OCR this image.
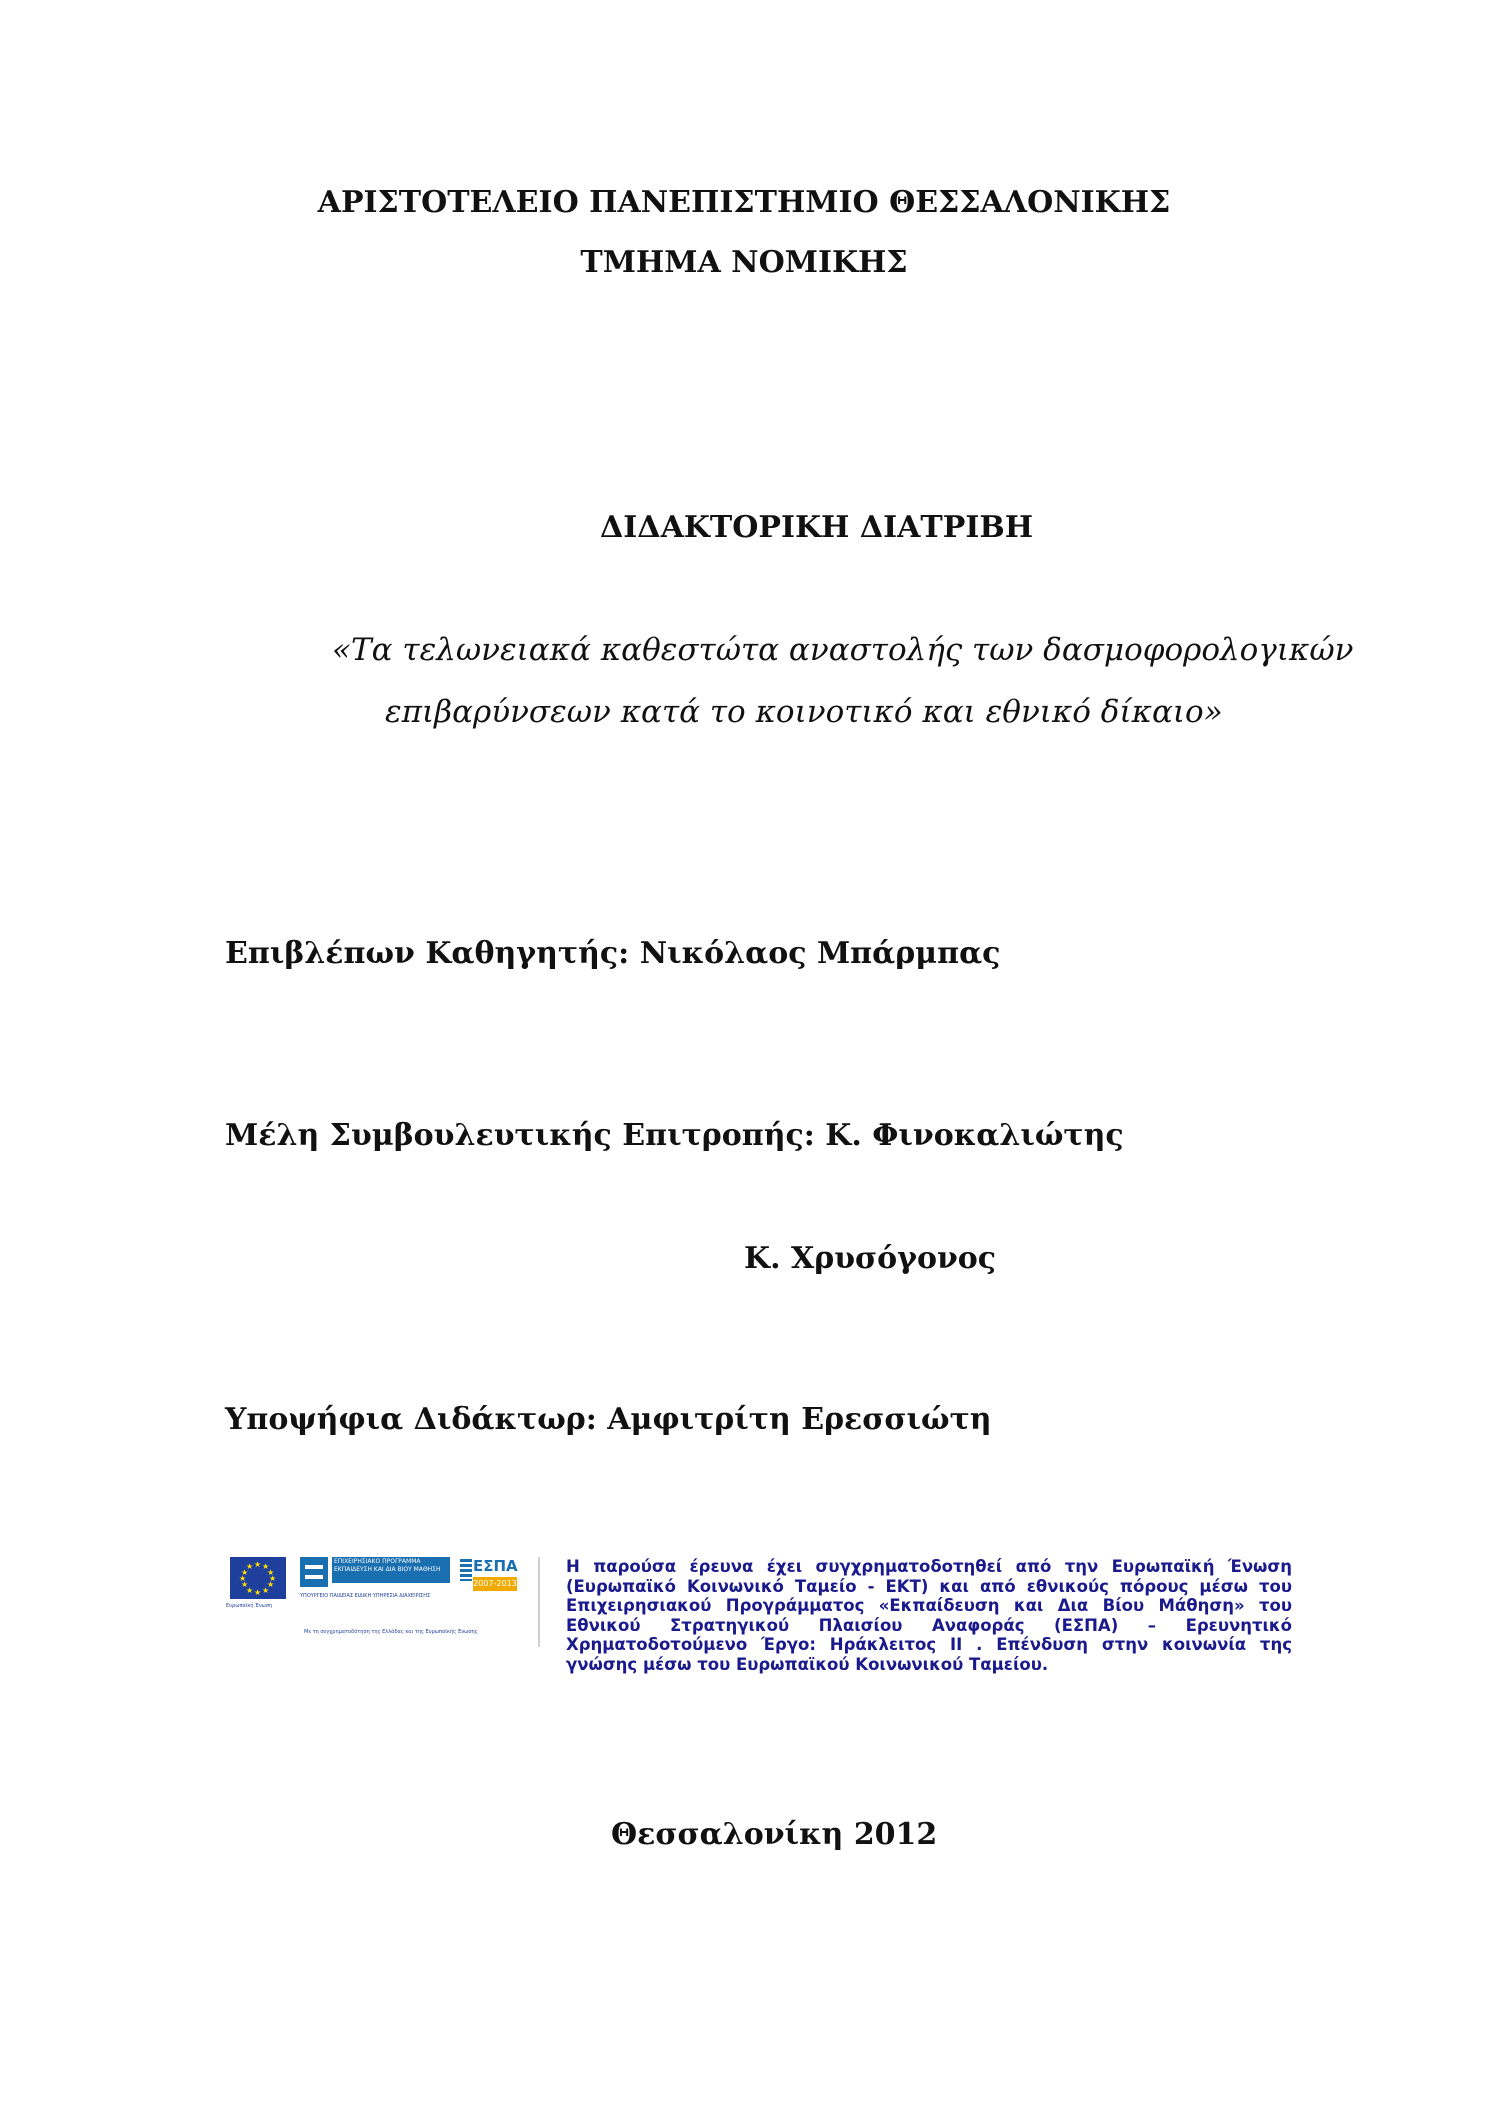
ΑΡΙΣΤΟΤΕΛΕΙΟ ΠΑΝΕΠΙΣΤΗΜΙΟ ΘΕΣΣΑΛΟΝΙΚΗΣ

ΤΜΗΜΑ ΝΟΜΙΚΗΣ

ΔΙΔΑΚΤΟΡΙΚΗ ΔΙΑΤΡΙΒΗ

«Τα τελωνειακά καθεστώτα αναστολής των δασμοφορολογικών

επιβαρύνσεων κατά το κοινοτικό και εθνικό δίκαιο»

Επιβλέπων Καθηγητής: Νικόλαος Μπάρμπας

Μέλη Συμβουλευτικής Επιτροπής: Κ. Φινοκαλιώτης

Κ. Χρυσόγονος

Υποψήφια Διδάκτωρ: Αμφιτρίτη Ερεσσιώτη

★ ★
★
★
★
★
★
★
★
★
★
★
Ευρωπαϊκή Ένωση
ΕΠΙΧΕΙΡΗΣΙΑΚΟ ΠΡΟΓΡΑΜΜΑ ΕΚΠΑΙΔΕΥΣΗ ΚΑΙ ΔΙΑ ΒΙΟΥ ΜΑΘΗΣΗ
ΥΠΟΥΡΓΕΙΟ ΠΑΙΔΕΙΑΣ ΕΙΔΙΚΗ ΥΠΗΡΕΣΙΑ ΔΙΑΧΕΙΡΙΣΗΣ
ΕΣΠΑ
2007-2013
Με τη συγχρηματοδότηση της Ελλάδας και της Ευρωπαϊκής Ένωσης

Η παρούσα έρευνα έχει συγχρηματοδοτηθεί από την Ευρωπαϊκή Ένωση (Ευρωπαϊκό Κοινωνικό Ταμείο - ΕΚΤ) και από εθνικούς πόρους μέσω του Επιχειρησιακού Προγράμματος «Εκπαίδευση και Δια Βίου Μάθηση» του Εθνικού Στρατηγικού Πλαισίου Αναφοράς (ΕΣΠΑ) – Ερευνητικό Χρηματοδοτούμενο Έργο: Ηράκλειτος ΙΙ . Επένδυση στην κοινωνία της γνώσης μέσω του Ευρωπαϊκού Κοινωνικού Ταμείου.

Θεσσαλονίκη 2012
